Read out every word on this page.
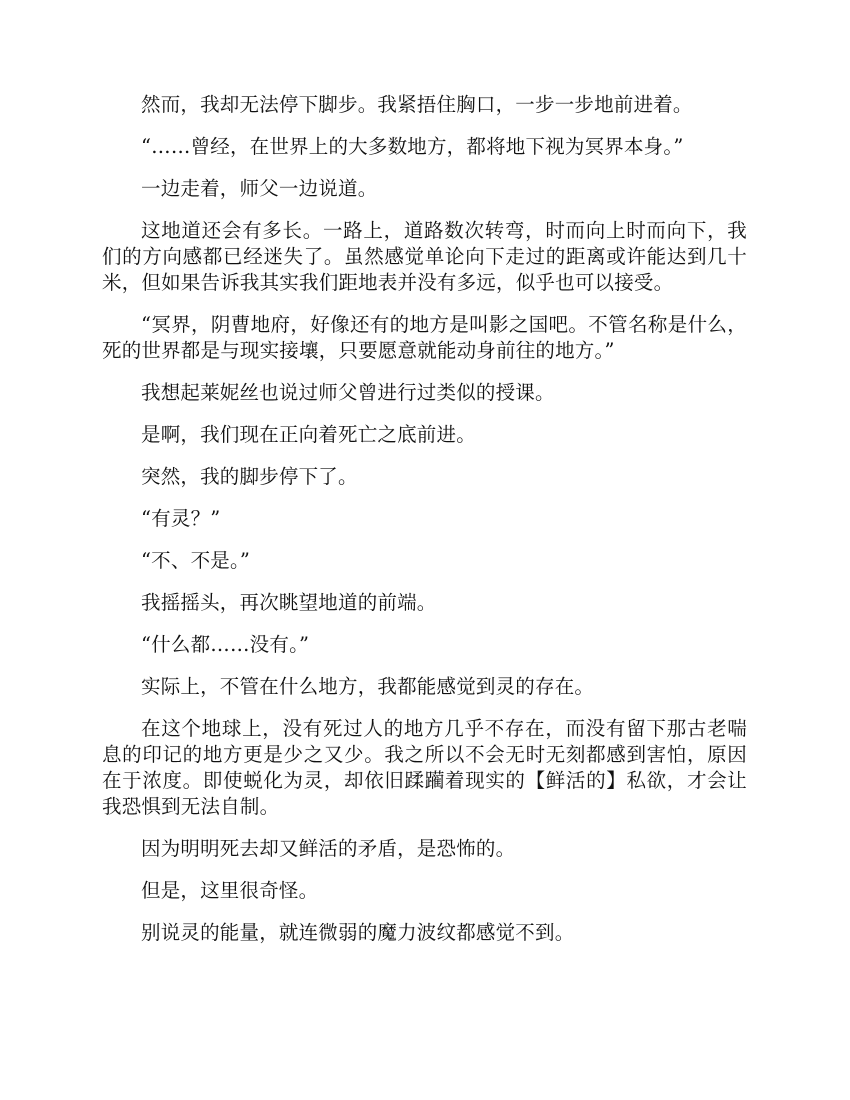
然而，我却无法停下脚步。我紧捂住胸口，一步一步地前进着。

“……曾经，在世界上的大多数地方，都将地下视为冥界本身。”

一边走着，师父一边说道。

这地道还会有多长。一路上，道路数次转弯，时而向上时而向下，我们的方向感都已经迷失了。虽然感觉单论向下走过的距离或许能达到几十米，但如果告诉我其实我们距地表并没有多远，似乎也可以接受。

“冥界，阴曹地府，好像还有的地方是叫影之国吧。不管名称是什么，死的世界都是与现实接壤，只要愿意就能动身前往的地方。”

我想起莱妮丝也说过师父曾进行过类似的授课。

是啊，我们现在正向着死亡之底前进。

突然，我的脚步停下了。

“有灵？”

“不、不是。”

我摇摇头，再次眺望地道的前端。

“什么都……没有。”

实际上，不管在什么地方，我都能感觉到灵的存在。

在这个地球上，没有死过人的地方几乎不存在，而没有留下那古老喘息的印记的地方更是少之又少。我之所以不会无时无刻都感到害怕，原因在于浓度。即使蜕化为灵，却依旧蹂躏着现实的【鲜活的】私欲，才会让我恐惧到无法自制。

因为明明死去却又鲜活的矛盾，是恐怖的。

但是，这里很奇怪。

别说灵的能量，就连微弱的魔力波纹都感觉不到。
